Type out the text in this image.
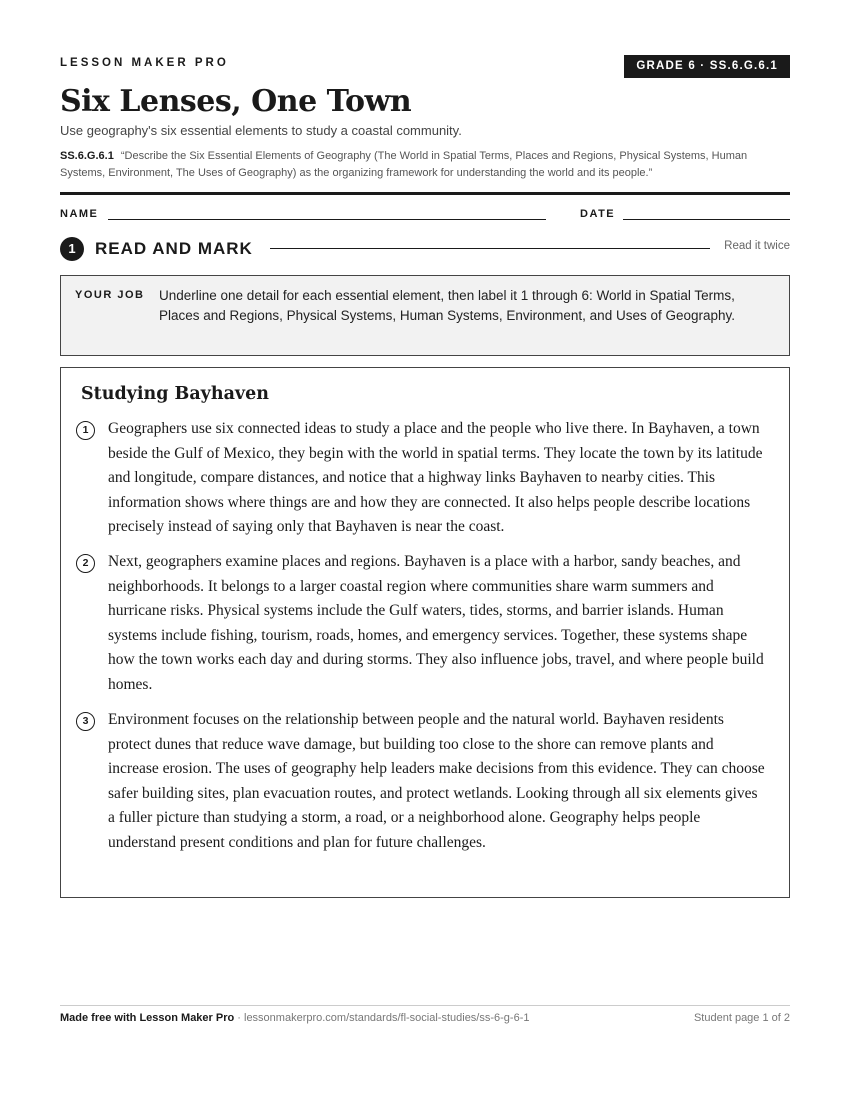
LESSON MAKER PRO	GRADE 6 · SS.6.G.6.1
Six Lenses, One Town
Use geography's six essential elements to study a coastal community.
SS.6.G.6.1 “Describe the Six Essential Elements of Geography (The World in Spatial Terms, Places and Regions, Physical Systems, Human Systems, Environment, The Uses of Geography) as the organizing framework for understanding the world and its people.”
NAME	DATE
1	READ AND MARK	Read it twice
YOUR JOB Underline one detail for each essential element, then label it 1 through 6: World in Spatial Terms, Places and Regions, Physical Systems, Human Systems, Environment, and Uses of Geography.
Studying Bayhaven
1	Geographers use six connected ideas to study a place and the people who live there. In Bayhaven, a town beside the Gulf of Mexico, they begin with the world in spatial terms. They locate the town by its latitude and longitude, compare distances, and notice that a highway links Bayhaven to nearby cities. This information shows where things are and how they are connected. It also helps people describe locations precisely instead of saying only that Bayhaven is near the coast.
2	Next, geographers examine places and regions. Bayhaven is a place with a harbor, sandy beaches, and neighborhoods. It belongs to a larger coastal region where communities share warm summers and hurricane risks. Physical systems include the Gulf waters, tides, storms, and barrier islands. Human systems include fishing, tourism, roads, homes, and emergency services. Together, these systems shape how the town works each day and during storms. They also influence jobs, travel, and where people build homes.
3	Environment focuses on the relationship between people and the natural world. Bayhaven residents protect dunes that reduce wave damage, but building too close to the shore can remove plants and increase erosion. The uses of geography help leaders make decisions from this evidence. They can choose safer building sites, plan evacuation routes, and protect wetlands. Looking through all six elements gives a fuller picture than studying a storm, a road, or a neighborhood alone. Geography helps people understand present conditions and plan for future challenges.
Made free with Lesson Maker Pro · lessonmakerpro.com/standards/fl-social-studies/ss-6-g-6-1	Student page 1 of 2
